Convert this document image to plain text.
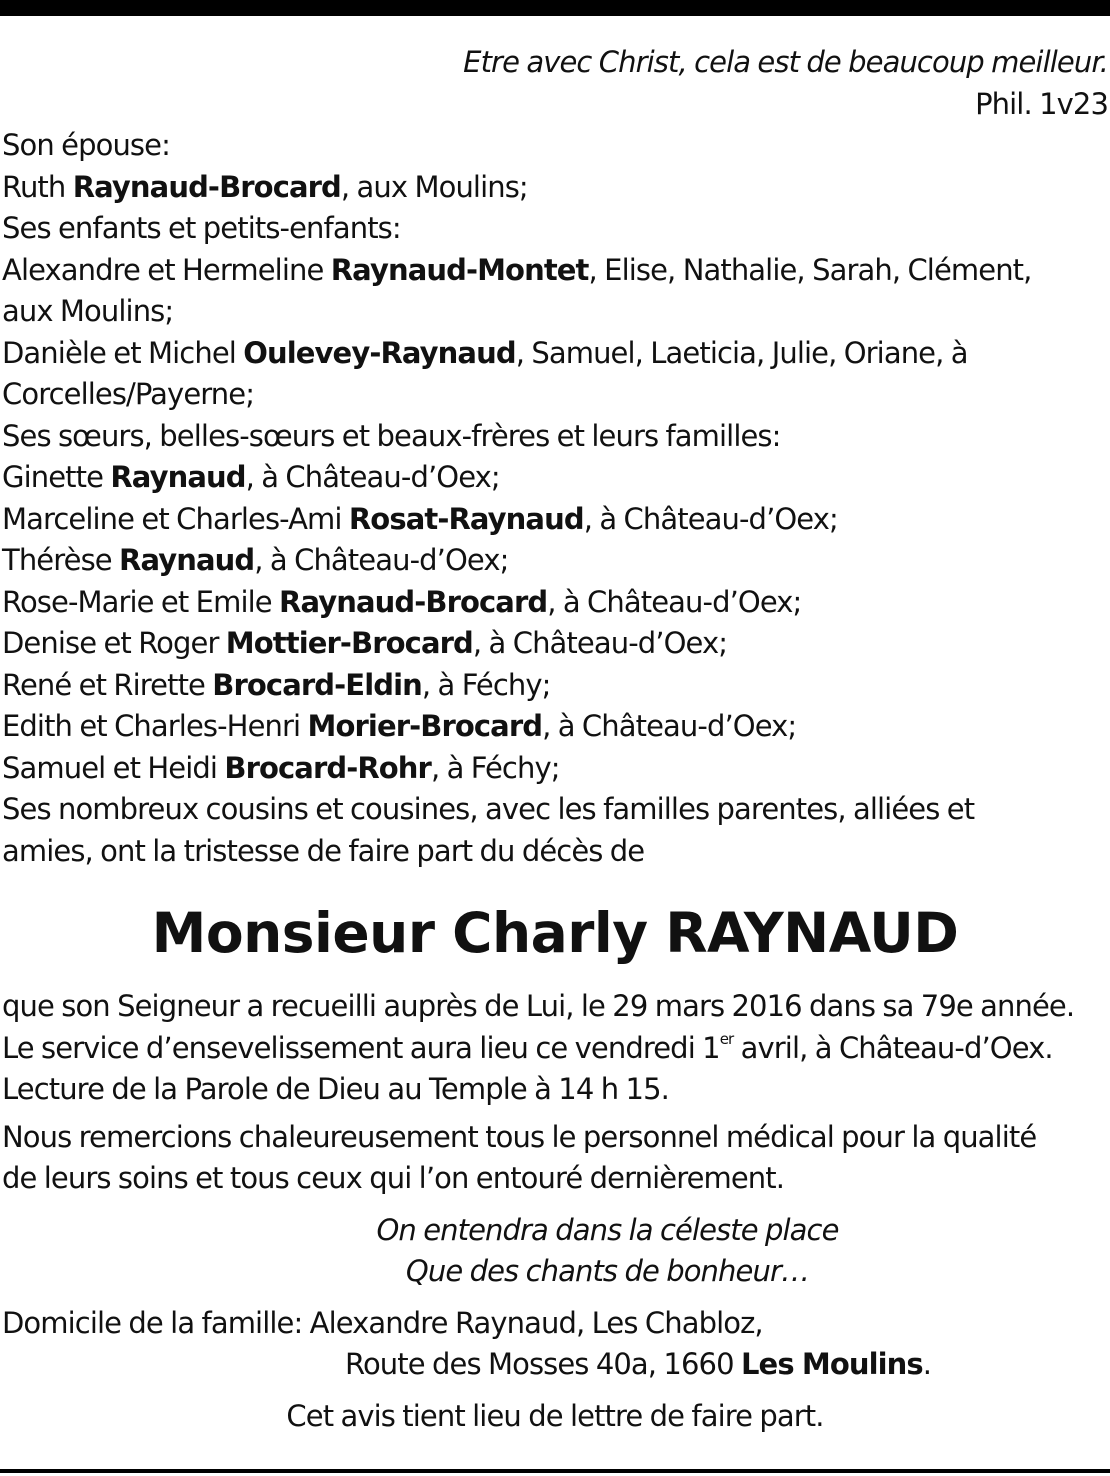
Etre avec Christ, cela est de beaucoup meilleur.
Phil. 1v23
Son épouse:
Ruth Raynaud-Brocard, aux Moulins;
Ses enfants et petits-enfants:
Alexandre et Hermeline Raynaud-Montet, Elise, Nathalie, Sarah, Clément,
aux Moulins;
Danièle et Michel Oulevey-Raynaud, Samuel, Laeticia, Julie, Oriane, à
Corcelles/Payerne;
Ses sœurs, belles-sœurs et beaux-frères et leurs familles:
Ginette Raynaud, à Château-d’Oex;
Marceline et Charles-Ami Rosat-Raynaud, à Château-d’Oex;
Thérèse Raynaud, à Château-d’Oex;
Rose-Marie et Emile Raynaud-Brocard, à Château-d’Oex;
Denise et Roger Mottier-Brocard, à Château-d’Oex;
René et Rirette Brocard-Eldin, à Féchy;
Edith et Charles-Henri Morier-Brocard, à Château-d’Oex;
Samuel et Heidi Brocard-Rohr, à Féchy;
Ses nombreux cousins et cousines, avec les familles parentes, alliées et
amies, ont la tristesse de faire part du décès de
Monsieur Charly RAYNAUD
que son Seigneur a recueilli auprès de Lui, le 29 mars 2016 dans sa 79e année.
Le service d’ensevelissement aura lieu ce vendredi 1er avril, à Château-d’Oex.
Lecture de la Parole de Dieu au Temple à 14 h 15.
Nous remercions chaleureusement tous le personnel médical pour la qualité
de leurs soins et tous ceux qui l’on entouré dernièrement.
On entendra dans la céleste place
Que des chants de bonheur…
Domicile de la famille: Alexandre Raynaud, Les Chabloz,
Route des Mosses 40a, 1660 Les Moulins.
Cet avis tient lieu de lettre de faire part.
